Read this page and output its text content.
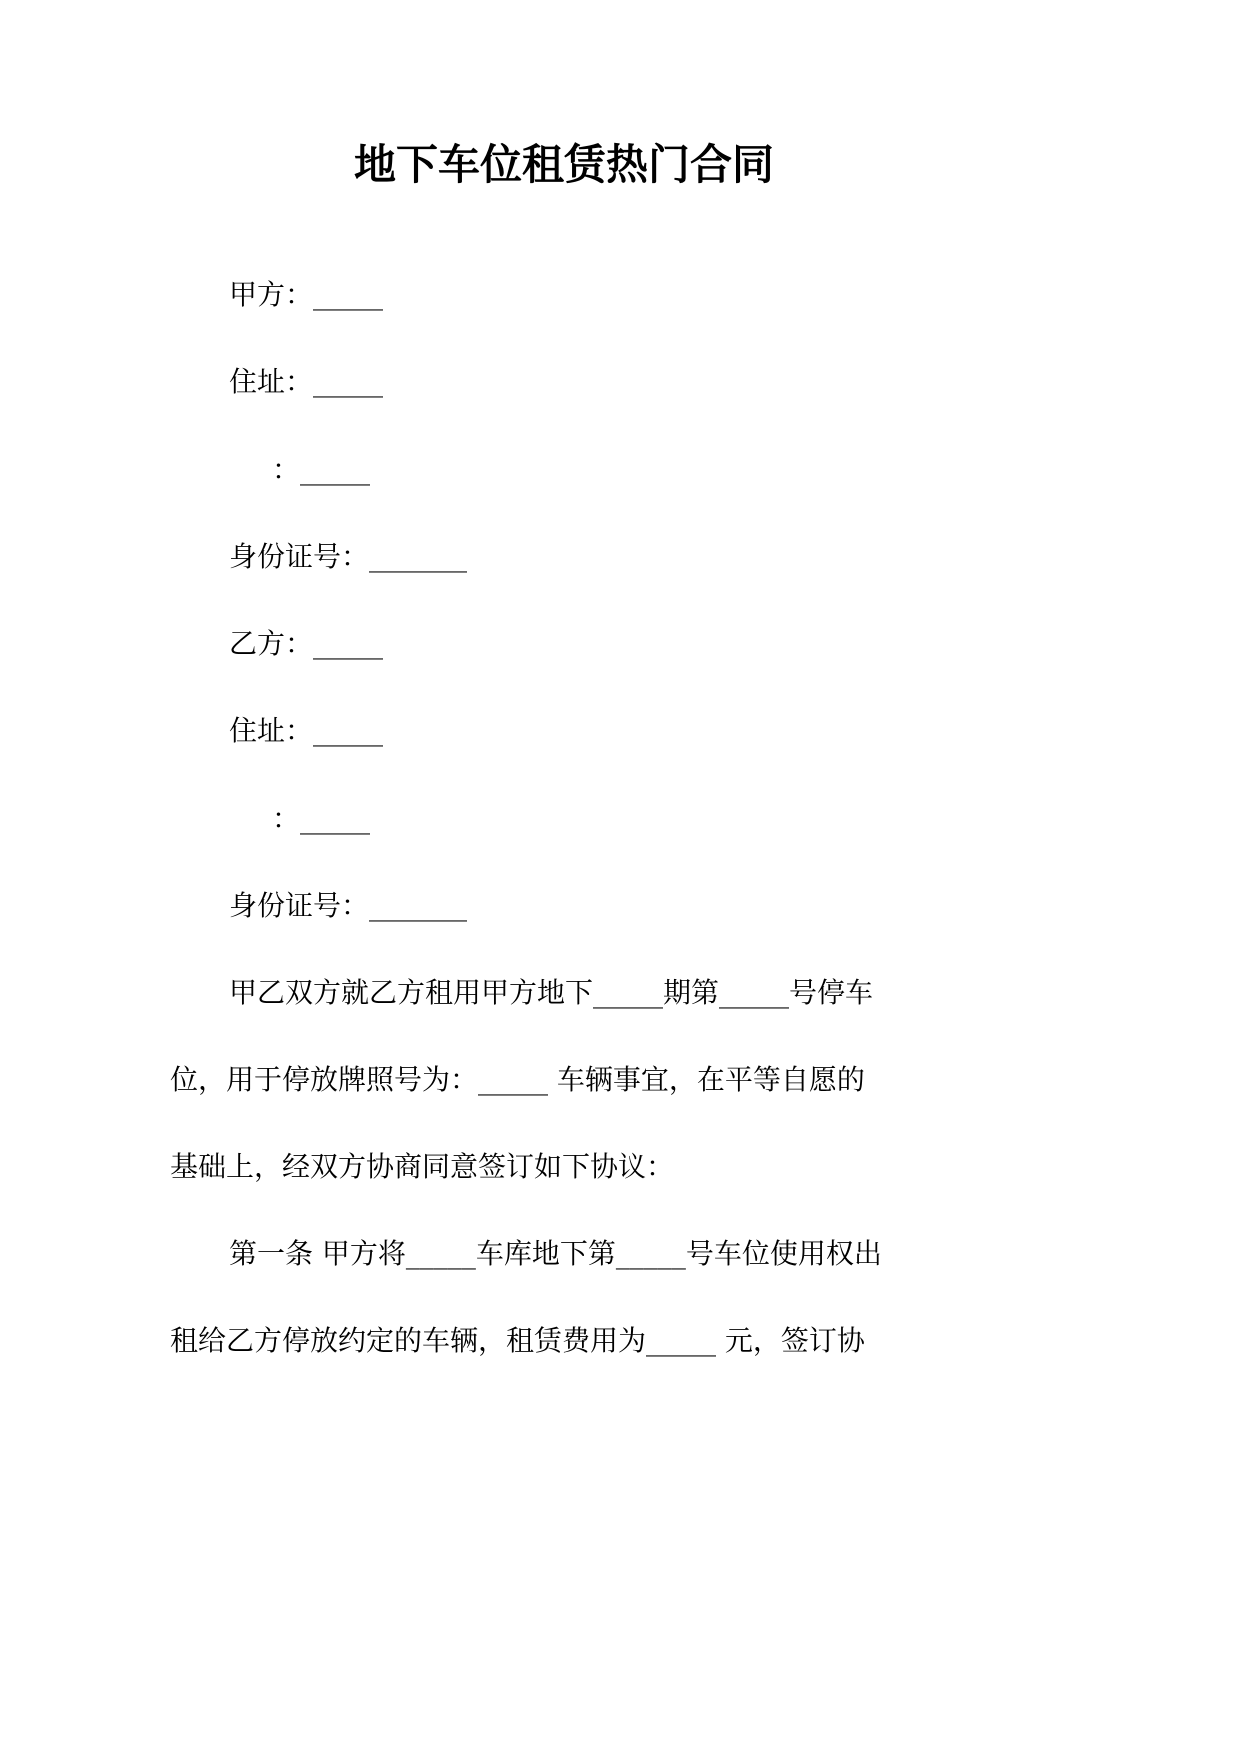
地下车位租赁热门合同
甲方：_____
住址：_____
：_____
身份证号：_______
乙方：_____
住址：_____
：_____
身份证号：_______
甲乙双方就乙方租用甲方地下_____期第_____号停车
位，用于停放牌照号为：_____ 车辆事宜，在平等自愿的
基础上，经双方协商同意签订如下协议：
第一条 甲方将_____车库地下第_____号车位使用权出
租给乙方停放约定的车辆，租赁费用为_____ 元，签订协
